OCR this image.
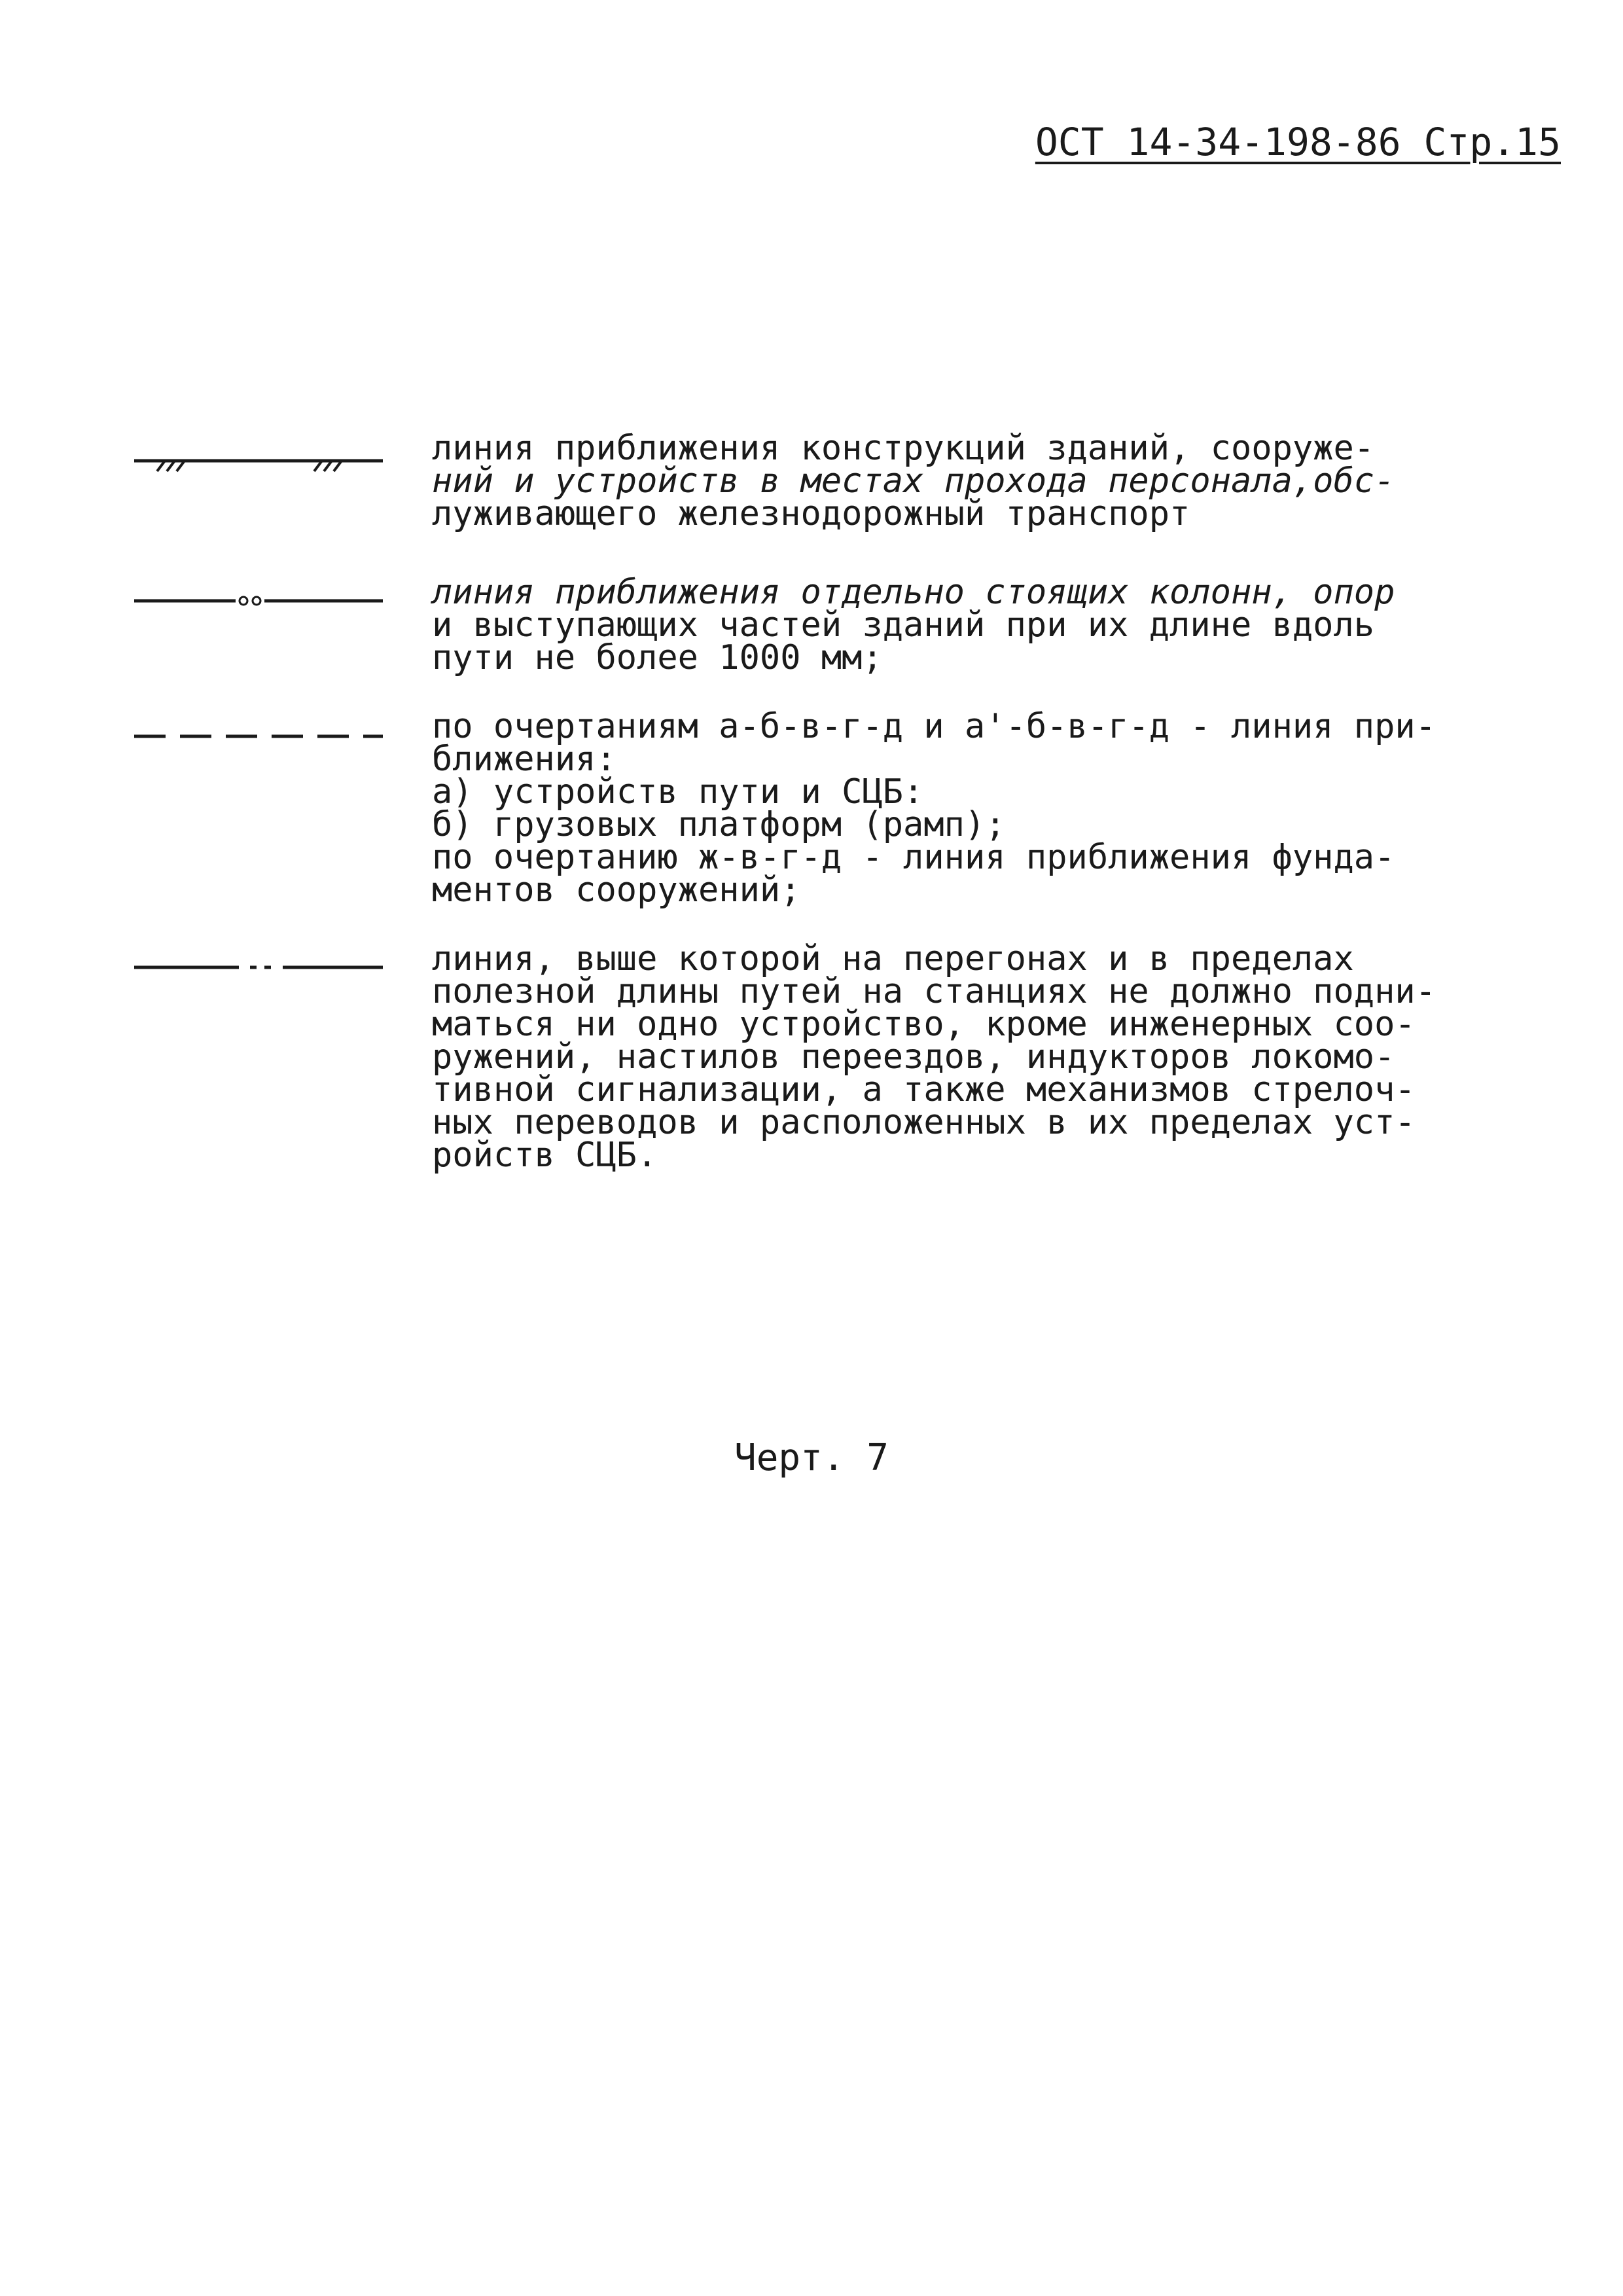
ОСТ 14-34-198-86 Стр.15
линия приближения конструкций зданий, сооруже-
ний и устройств в местах прохода персонала,обс-
луживающего железнодорожный транспорт
линия приближения отдельно стоящих колонн, опор
и выступающих частей зданий при их длине вдоль
пути не более 1000 мм;
по очертаниям а-б-в-г-д и а'-б-в-г-д - линия при-
ближения:
а) устройств пути и СЦБ:
б) грузовых платформ (рамп);
по очертанию ж-в-г-д - линия приближения фунда-
ментов сооружений;
линия, выше которой на перегонах и в пределах
полезной длины путей на станциях не должно подни-
маться ни одно устройство, кроме инженерных соо-
ружений, настилов переездов, индукторов локомо-
тивной сигнализации, а также механизмов стрелоч-
ных переводов и расположенных в их пределах уст-
ройств СЦБ.
Черт. 7
